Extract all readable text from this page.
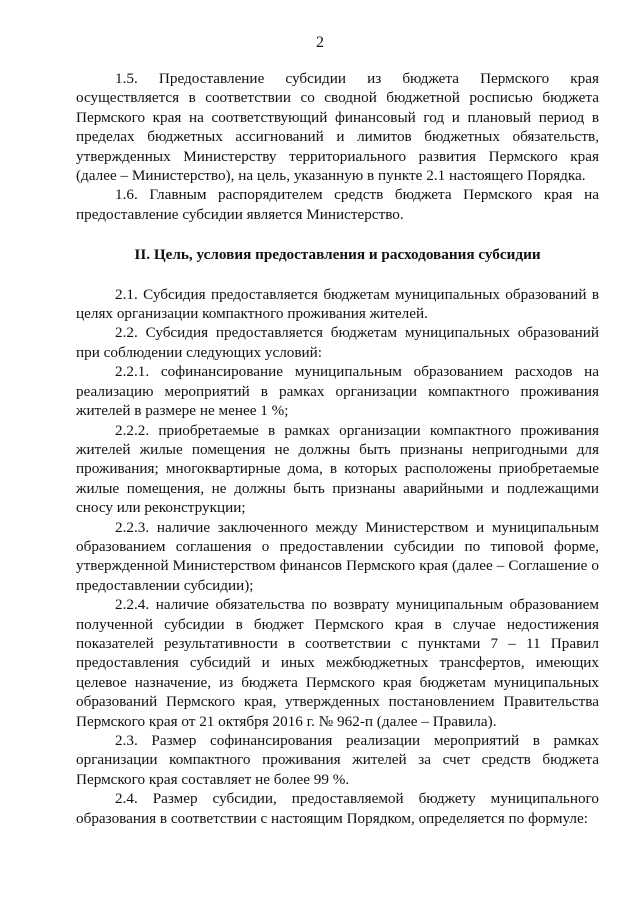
2

1.5. Предоставление субсидии из бюджета Пермского края осуществляется в соответствии со сводной бюджетной росписью бюджета Пермского края на соответствующий финансовый год и плановый период в пределах бюджетных ассигнований и лимитов бюджетных обязательств, утвержденных Министерству территориального развития Пермского края (далее – Министерство), на цель, указанную в пункте 2.1 настоящего Порядка.

1.6. Главным распорядителем средств бюджета Пермского края на предоставление субсидии является Министерство.

II. Цель, условия предоставления и расходования субсидии

2.1. Субсидия предоставляется бюджетам муниципальных образований в целях организации компактного проживания жителей.

2.2. Субсидия предоставляется бюджетам муниципальных образований при соблюдении следующих условий:

2.2.1. софинансирование муниципальным образованием расходов на реализацию мероприятий в рамках организации компактного проживания жителей в размере не менее 1 %;

2.2.2. приобретаемые в рамках организации компактного проживания жителей жилые помещения не должны быть признаны непригодными для проживания; многоквартирные дома, в которых расположены приобретаемые жилые помещения, не должны быть признаны аварийными и подлежащими сносу или реконструкции;

2.2.3. наличие заключенного между Министерством и муниципальным образованием соглашения о предоставлении субсидии по типовой форме, утвержденной Министерством финансов Пермского края (далее – Соглашение о предоставлении субсидии);

2.2.4. наличие обязательства по возврату муниципальным образованием полученной субсидии в бюджет Пермского края в случае недостижения показателей результативности в соответствии с пунктами 7 – 11 Правил предоставления субсидий и иных межбюджетных трансфертов, имеющих целевое назначение, из бюджета Пермского края бюджетам муниципальных образований Пермского края, утвержденных постановлением Правительства Пермского края от 21 октября 2016 г. № 962-п (далее – Правила).

2.3. Размер софинансирования реализации мероприятий в рамках организации компактного проживания жителей за счет средств бюджета Пермского края составляет не более 99 %.

2.4. Размер субсидии, предоставляемой бюджету муниципального образования в соответствии с настоящим Порядком, определяется по формуле:
